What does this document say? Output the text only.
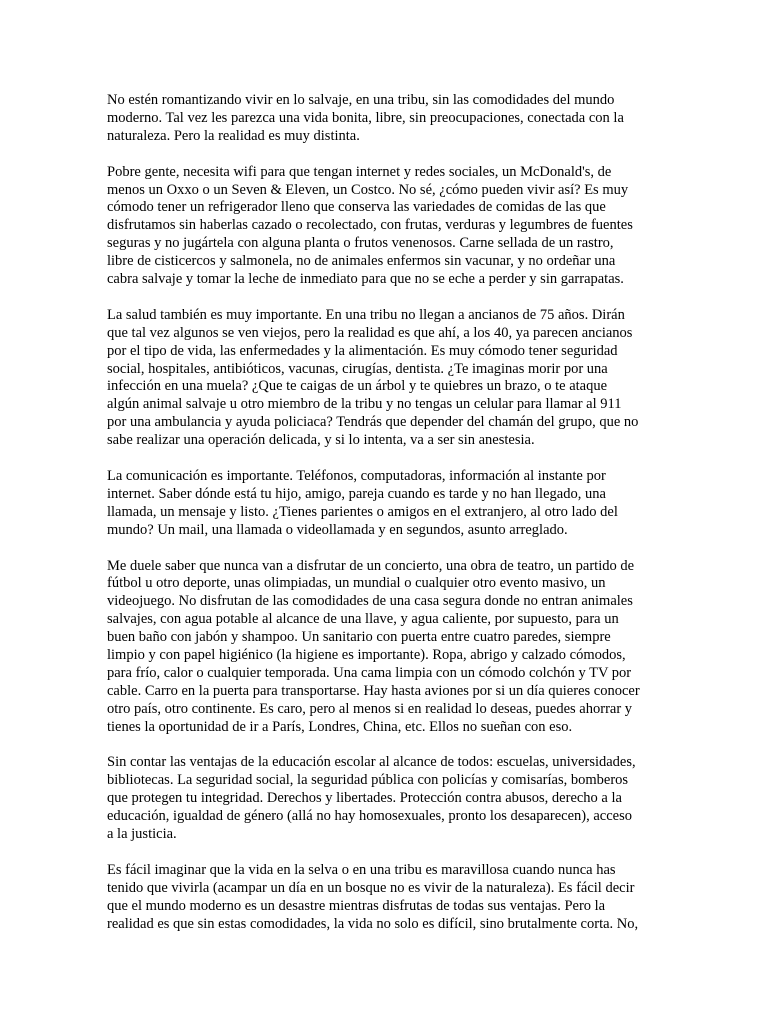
No estén romantizando vivir en lo salvaje, en una tribu, sin las comodidades del mundo
moderno. Tal vez les parezca una vida bonita, libre, sin preocupaciones, conectada con la
naturaleza. Pero la realidad es muy distinta.

Pobre gente, necesita wifi para que tengan internet y redes sociales, un McDonald's, de
menos un Oxxo o un Seven & Eleven, un Costco. No sé, ¿cómo pueden vivir así? Es muy
cómodo tener un refrigerador lleno que conserva las variedades de comidas de las que
disfrutamos sin haberlas cazado o recolectado, con frutas, verduras y legumbres de fuentes
seguras y no jugártela con alguna planta o frutos venenosos. Carne sellada de un rastro,
libre de cisticercos y salmonela, no de animales enfermos sin vacunar, y no ordeñar una
cabra salvaje y tomar la leche de inmediato para que no se eche a perder y sin garrapatas.

La salud también es muy importante. En una tribu no llegan a ancianos de 75 años. Dirán
que tal vez algunos se ven viejos, pero la realidad es que ahí, a los 40, ya parecen ancianos
por el tipo de vida, las enfermedades y la alimentación. Es muy cómodo tener seguridad
social, hospitales, antibióticos, vacunas, cirugías, dentista. ¿Te imaginas morir por una
infección en una muela? ¿Que te caigas de un árbol y te quiebres un brazo, o te ataque
algún animal salvaje u otro miembro de la tribu y no tengas un celular para llamar al 911
por una ambulancia y ayuda policiaca? Tendrás que depender del chamán del grupo, que no
sabe realizar una operación delicada, y si lo intenta, va a ser sin anestesia.

La comunicación es importante. Teléfonos, computadoras, información al instante por
internet. Saber dónde está tu hijo, amigo, pareja cuando es tarde y no han llegado, una
llamada, un mensaje y listo. ¿Tienes parientes o amigos en el extranjero, al otro lado del
mundo? Un mail, una llamada o videollamada y en segundos, asunto arreglado.

Me duele saber que nunca van a disfrutar de un concierto, una obra de teatro, un partido de
fútbol u otro deporte, unas olimpiadas, un mundial o cualquier otro evento masivo, un
videojuego. No disfrutan de las comodidades de una casa segura donde no entran animales
salvajes, con agua potable al alcance de una llave, y agua caliente, por supuesto, para un
buen baño con jabón y shampoo. Un sanitario con puerta entre cuatro paredes, siempre
limpio y con papel higiénico (la higiene es importante). Ropa, abrigo y calzado cómodos,
para frío, calor o cualquier temporada. Una cama limpia con un cómodo colchón y TV por
cable. Carro en la puerta para transportarse. Hay hasta aviones por si un día quieres conocer
otro país, otro continente. Es caro, pero al menos si en realidad lo deseas, puedes ahorrar y
tienes la oportunidad de ir a París, Londres, China, etc. Ellos no sueñan con eso.

Sin contar las ventajas de la educación escolar al alcance de todos: escuelas, universidades,
bibliotecas. La seguridad social, la seguridad pública con policías y comisarías, bomberos
que protegen tu integridad. Derechos y libertades. Protección contra abusos, derecho a la
educación, igualdad de género (allá no hay homosexuales, pronto los desaparecen), acceso
a la justicia.

Es fácil imaginar que la vida en la selva o en una tribu es maravillosa cuando nunca has
tenido que vivirla (acampar un día en un bosque no es vivir de la naturaleza). Es fácil decir
que el mundo moderno es un desastre mientras disfrutas de todas sus ventajas. Pero la
realidad es que sin estas comodidades, la vida no solo es difícil, sino brutalmente corta. No,
